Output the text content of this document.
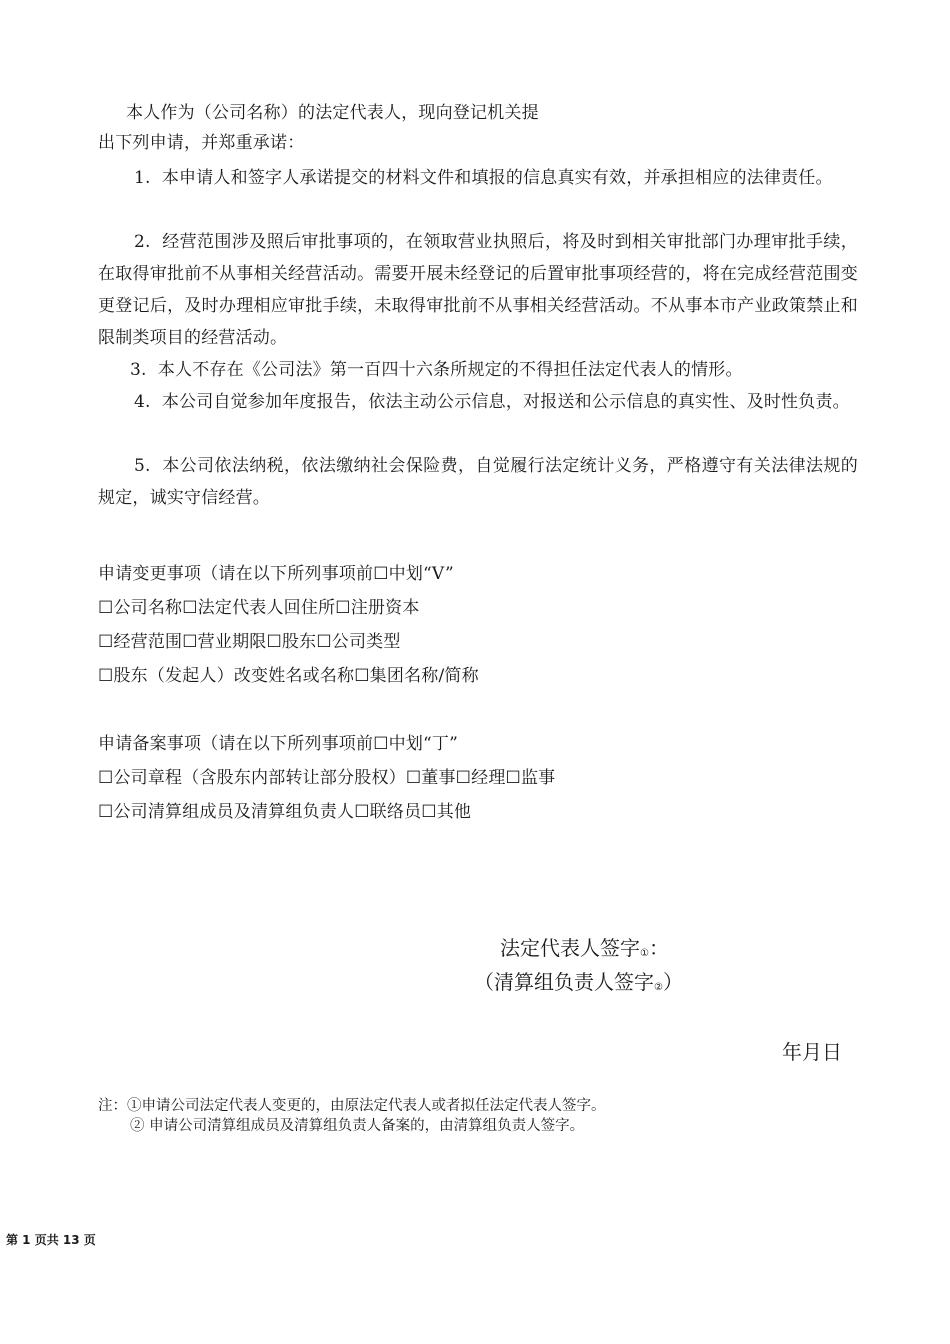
本人作为（公司名称）的法定代表人，现向登记机关提
出下列申请，并郑重承诺：
1. 本申请人和签字人承诺提交的材料文件和填报的信息真实有效，并承担相应的法律责任。
2. 经营范围涉及照后审批事项的，在领取营业执照后，将及时到相关审批部门办理审批手续，在取得审批前不从事相关经营活动。需要开展未经登记的后置审批事项经营的，将在完成经营范围变更登记后，及时办理相应审批手续，未取得审批前不从事相关经营活动。不从事本市产业政策禁止和限制类项目的经营活动。
3. 本人不存在《公司法》第一百四十六条所规定的不得担任法定代表人的情形。
4. 本公司自觉参加年度报告，依法主动公示信息，对报送和公示信息的真实性、及时性负责。
5. 本公司依法纳税，依法缴纳社会保险费，自觉履行法定统计义务，严格遵守有关法律法规的规定，诚实守信经营。
申请变更事项（请在以下所列事项前☐中划“V”
☐公司名称☐法定代表人回住所☐注册资本
☐经营范围☐营业期限☐股东☐公司类型
☐股东（发起人）改变姓名或名称☐集团名称/简称
申请备案事项（请在以下所列事项前☐中划“丁”
☐公司章程（含股东内部转让部分股权）☐董事☐经理☐监事
☐公司清算组成员及清算组负责人☐联络员☐其他
法定代表人签字①：
（清算组负责人签字②）
年月日
注：①申请公司法定代表人变更的，由原法定代表人或者拟任法定代表人签字。
② 申请公司清算组成员及清算组负责人备案的，由清算组负责人签字。
第 1 页共 13 页
